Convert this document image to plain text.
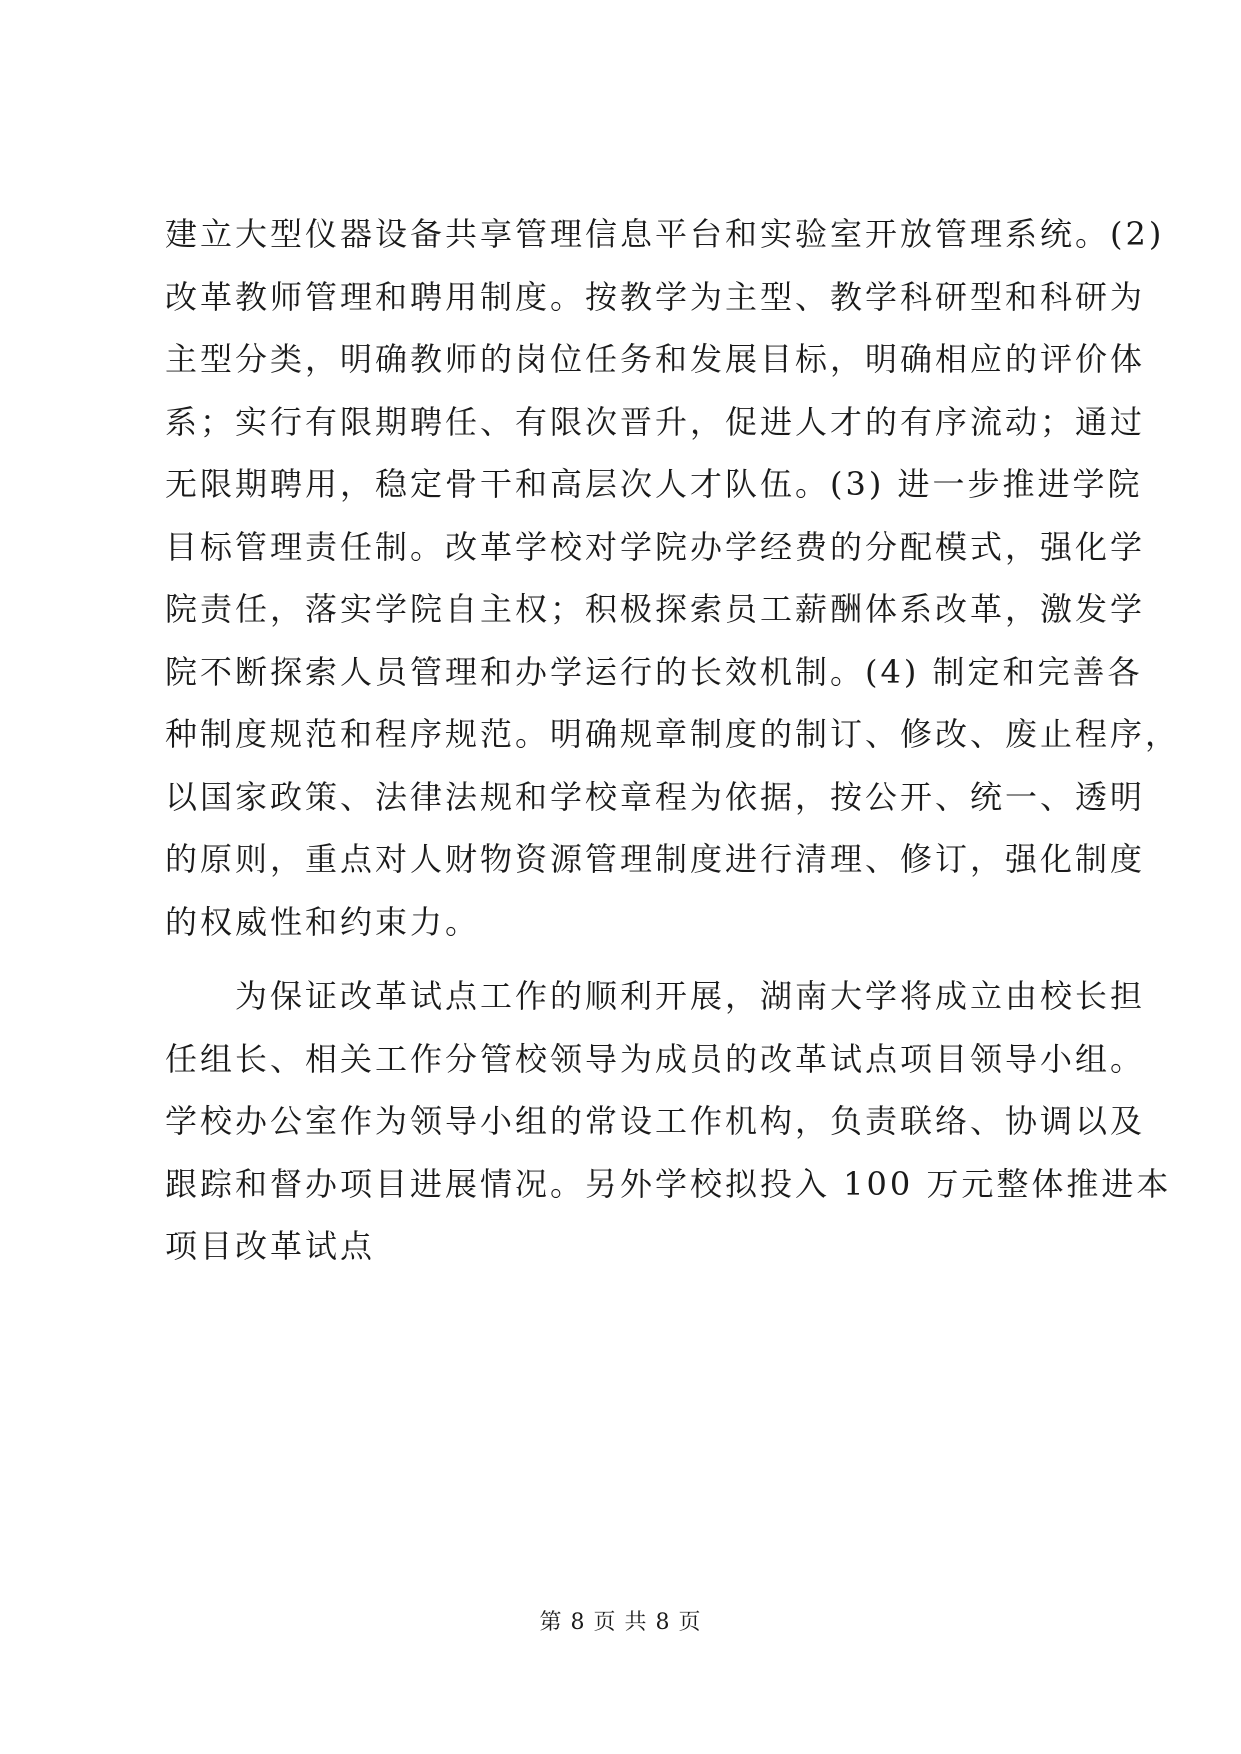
建立大型仪器设备共享管理信息平台和实验室开放管理系统。(2)
改革教师管理和聘用制度。按教学为主型、教学科研型和科研为
主型分类，明确教师的岗位任务和发展目标，明确相应的评价体
系；实行有限期聘任、有限次晋升，促进人才的有序流动；通过
无限期聘用，稳定骨干和高层次人才队伍。(3) 进一步推进学院
目标管理责任制。改革学校对学院办学经费的分配模式，强化学
院责任，落实学院自主权；积极探索员工薪酬体系改革，激发学
院不断探索人员管理和办学运行的长效机制。(4) 制定和完善各
种制度规范和程序规范。明确规章制度的制订、修改、废止程序，
以国家政策、法律法规和学校章程为依据，按公开、统一、透明
的原则，重点对人财物资源管理制度进行清理、修订，强化制度
的权威性和约束力。
为保证改革试点工作的顺利开展，湖南大学将成立由校长担
任组长、相关工作分管校领导为成员的改革试点项目领导小组。
学校办公室作为领导小组的常设工作机构，负责联络、协调以及
跟踪和督办项目进展情况。另外学校拟投入 100 万元整体推进本
项目改革试点
第 8 页 共 8 页
